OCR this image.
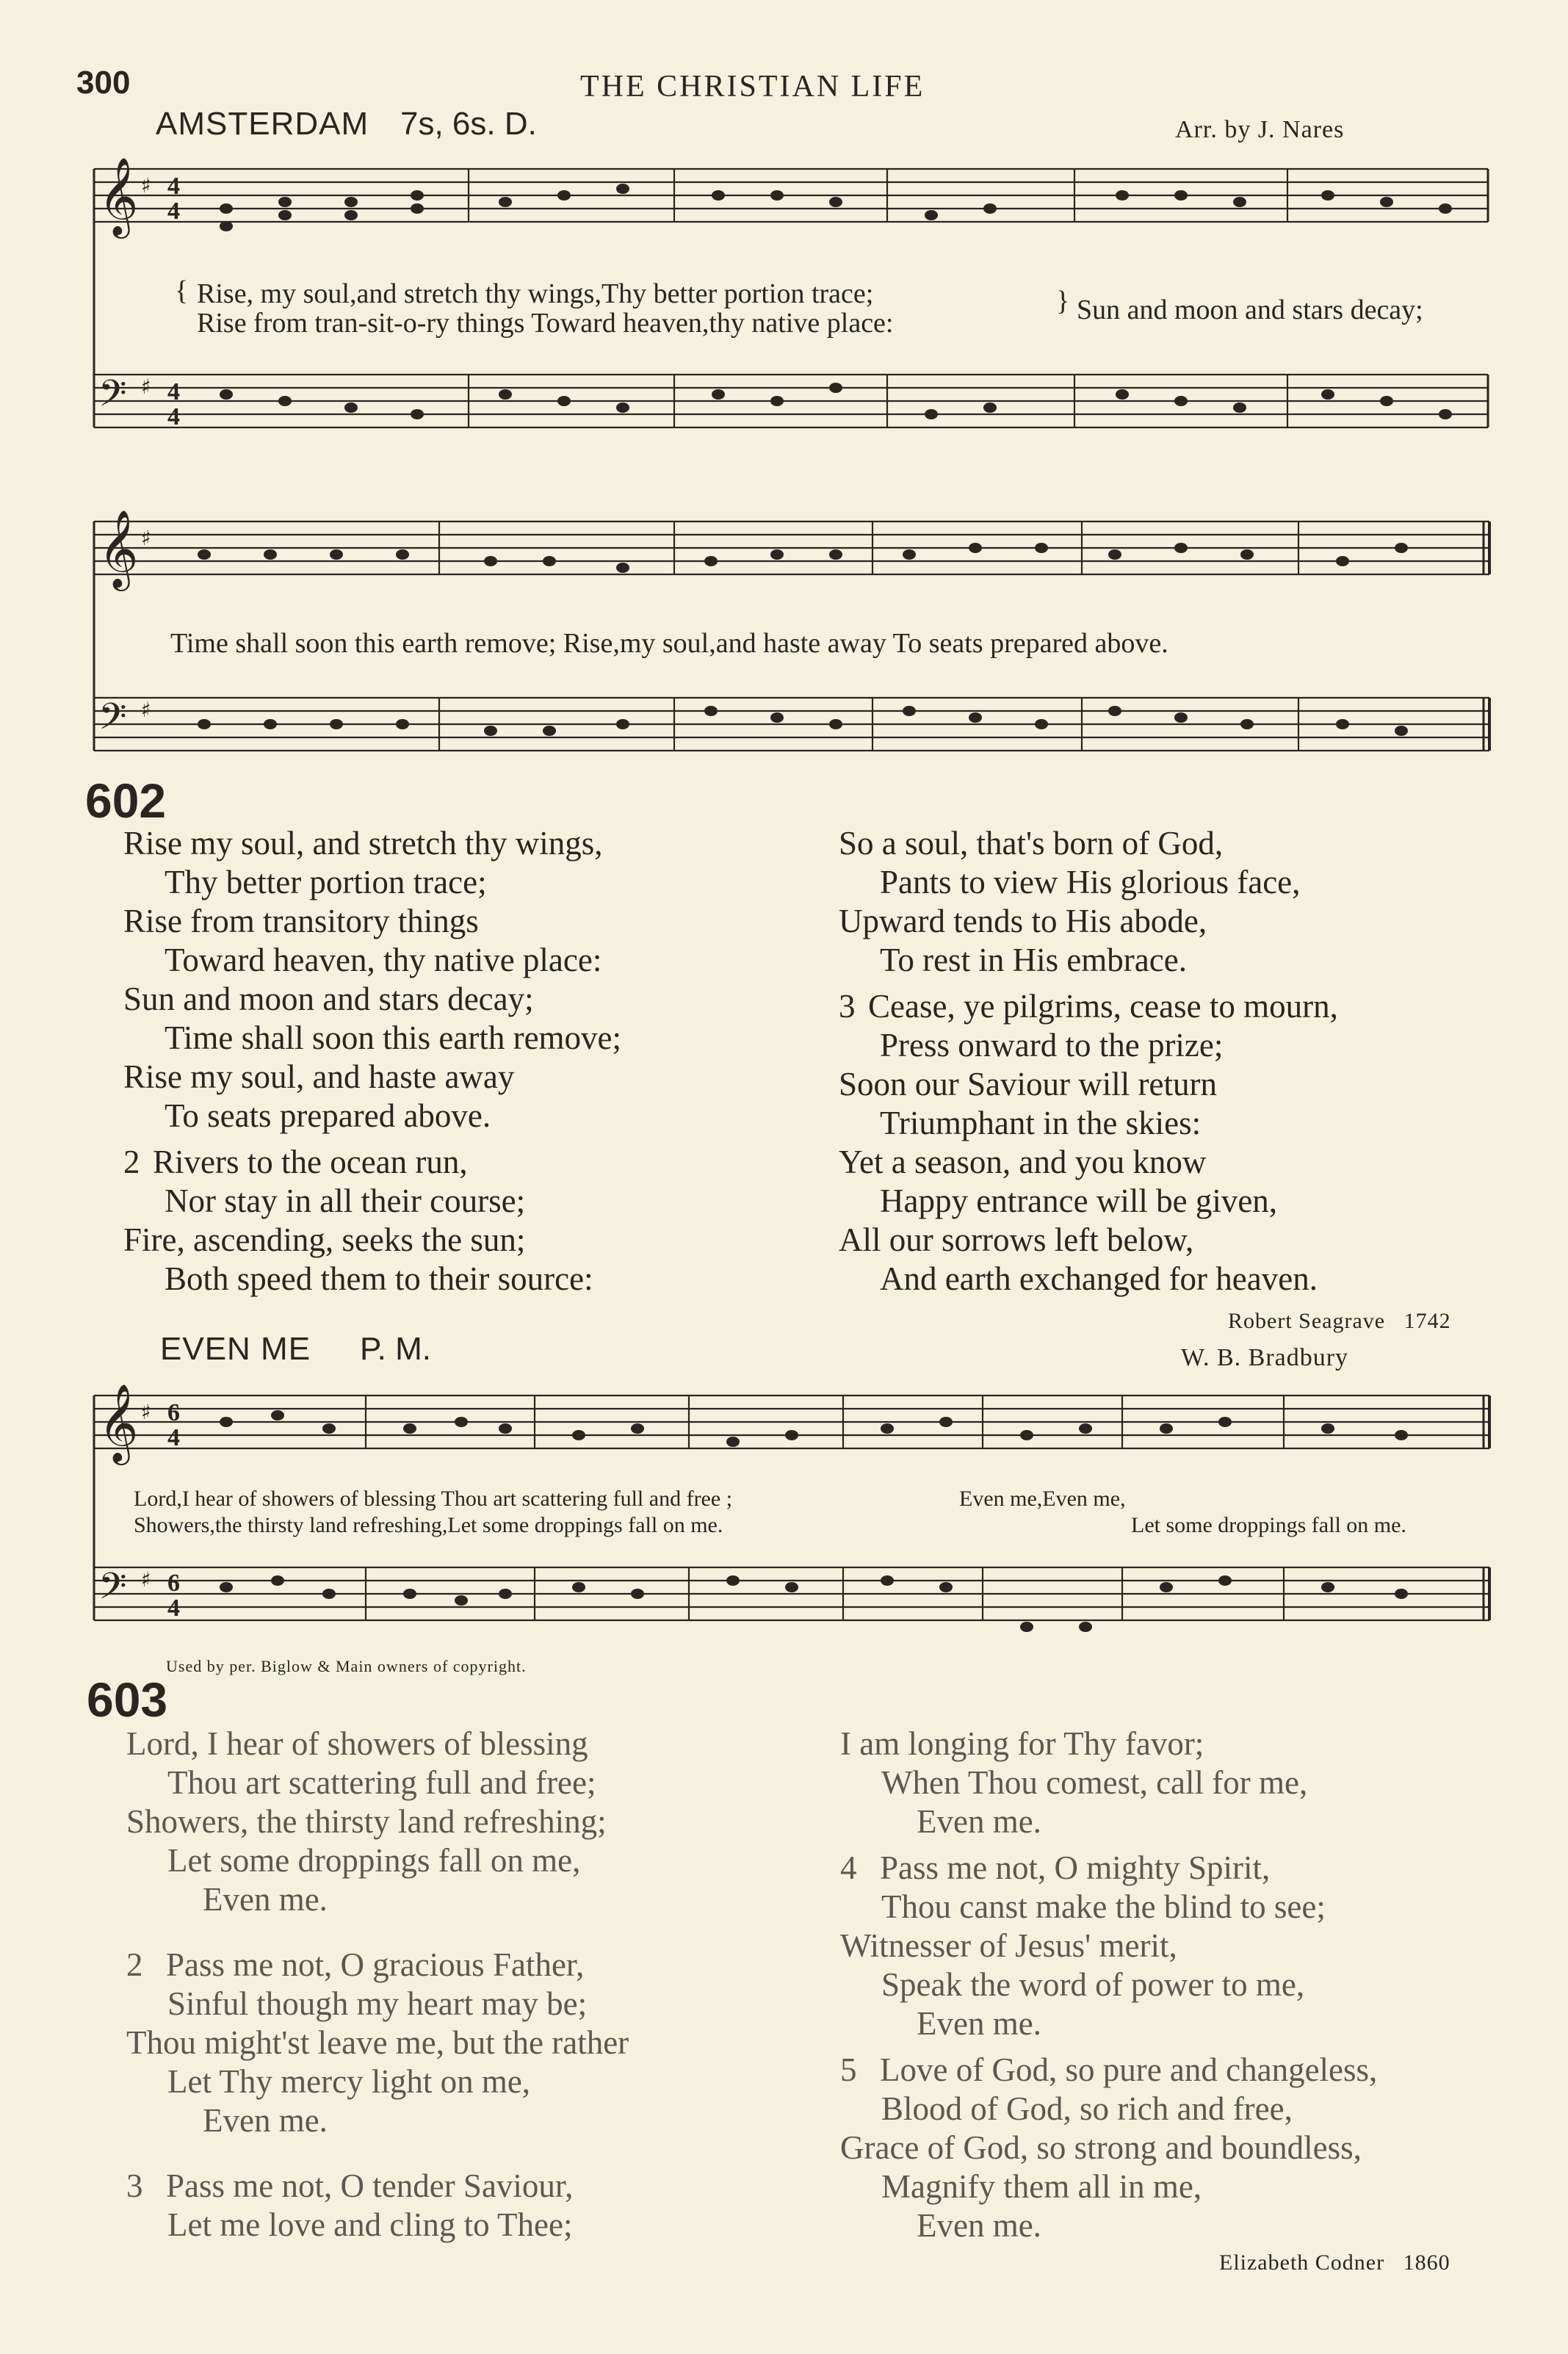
300	THE CHRISTIAN LIFE
AMSTERDAM 7s, 6s. D.	Arr. by J. Nares
𝄞 ♯ 4
4
𝄢 ♯ 4
4
{	}
Rise, my soul,and stretch thy wings,Thy better portion trace;
Rise from tran-sit-o-ry things Toward heaven,thy native place:	Sun and moon and stars decay;
𝄞 ♯
𝄢 ♯
Time shall soon this earth remove; Rise,my soul,and haste away To seats prepared above.
602
Rise my soul, and stretch thy wings,
Thy better portion trace;
Rise from transitory things
Toward heaven, thy native place:
Sun and moon and stars decay;
Time shall soon this earth remove;
Rise my soul, and haste away
To seats prepared above.
2 Rivers to the ocean run,
Nor stay in all their course;
Fire, ascending, seeks the sun;
Both speed them to their source:
So a soul, that's born of God,
Pants to view His glorious face,
Upward tends to His abode,
To rest in His embrace.
3 Cease, ye pilgrims, cease to mourn,
Press onward to the prize;
Soon our Saviour will return
Triumphant in the skies:
Yet a season, and you know
Happy entrance will be given,
All our sorrows left below,
And earth exchanged for heaven.
Robert Seagrave 1742
EVEN ME P. M.	W. B. Bradbury
𝄞 ♯ 6
4
𝄢 ♯ 6
4
Lord,I hear of showers of blessing Thou art scattering full and free ;
Showers,the thirsty land refreshing,Let some droppings fall on me.
Even me,Even me,
Let some droppings fall on me.
Used by per. Biglow & Main owners of copyright.
603
Lord, I hear of showers of blessing
Thou art scattering full and free;
Showers, the thirsty land refreshing;
Let some droppings fall on me,
Even me.
2 Pass me not, O gracious Father,
Sinful though my heart may be;
Thou might'st leave me, but the rather
Let Thy mercy light on me,
Even me.
3 Pass me not, O tender Saviour,
Let me love and cling to Thee;
I am longing for Thy favor;
When Thou comest, call for me,
Even me.
4 Pass me not, O mighty Spirit,
Thou canst make the blind to see;
Witnesser of Jesus' merit,
Speak the word of power to me,
Even me.
5 Love of God, so pure and changeless,
Blood of God, so rich and free,
Grace of God, so strong and boundless,
Magnify them all in me,
Even me.
Elizabeth Codner 1860
